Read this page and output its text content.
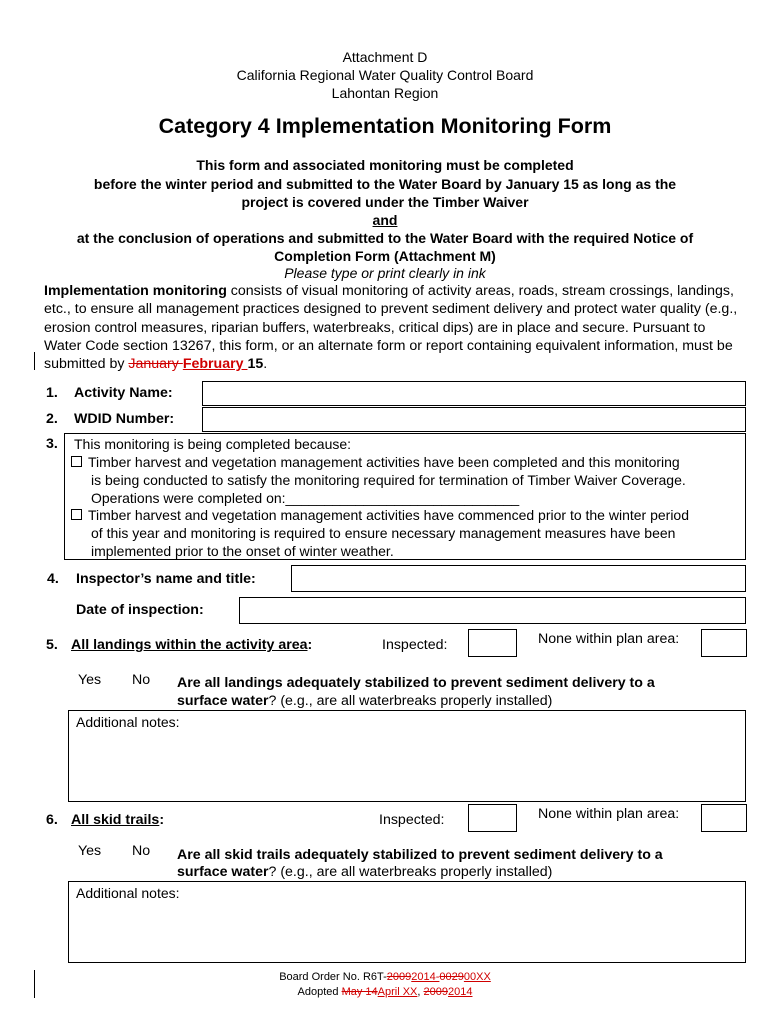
Attachment D
California Regional Water Quality Control Board
Lahontan Region
Category 4 Implementation Monitoring Form
This form and associated monitoring must be completed
before the winter period and submitted to the Water Board by January 15 as long as the
project is covered under the Timber Waiver
and
at the conclusion of operations and submitted to the Water Board with the required Notice of
Completion Form (Attachment M)
Please type or print clearly in ink
Implementation monitoring consists of visual monitoring of activity areas, roads, stream crossings, landings, etc., to ensure all management practices designed to prevent sediment delivery and protect water quality (e.g., erosion control measures, riparian buffers, waterbreaks, critical dips) are in place and secure. Pursuant to Water Code section 13267, this form, or an alternate form or report containing equivalent information, must be submitted by January February 15.
1. Activity Name:
2. WDID Number:
3. This monitoring is being completed because:
Timber harvest and vegetation management activities have been completed and this monitoring
is being conducted to satisfy the monitoring required for termination of Timber Waiver Coverage.
Operations were completed on:______________________________
Timber harvest and vegetation management activities have commenced prior to the winter period
of this year and monitoring is required to ensure necessary management measures have been
implemented prior to the onset of winter weather.
4. Inspector’s name and title:
Date of inspection:
5. All landings within the activity area:	Inspected:	None within plan area:
Yes No Are all landings adequately stabilized to prevent sediment delivery to a
surface water? (e.g., are all waterbreaks properly installed)
Additional notes:
6. All skid trails:	Inspected:	None within plan area:
Yes No Are all skid trails adequately stabilized to prevent sediment delivery to a
surface water? (e.g., are all waterbreaks properly installed)
Additional notes:
Board Order No. R6T-20092014-002900XX
Adopted May 14April XX, 20092014
